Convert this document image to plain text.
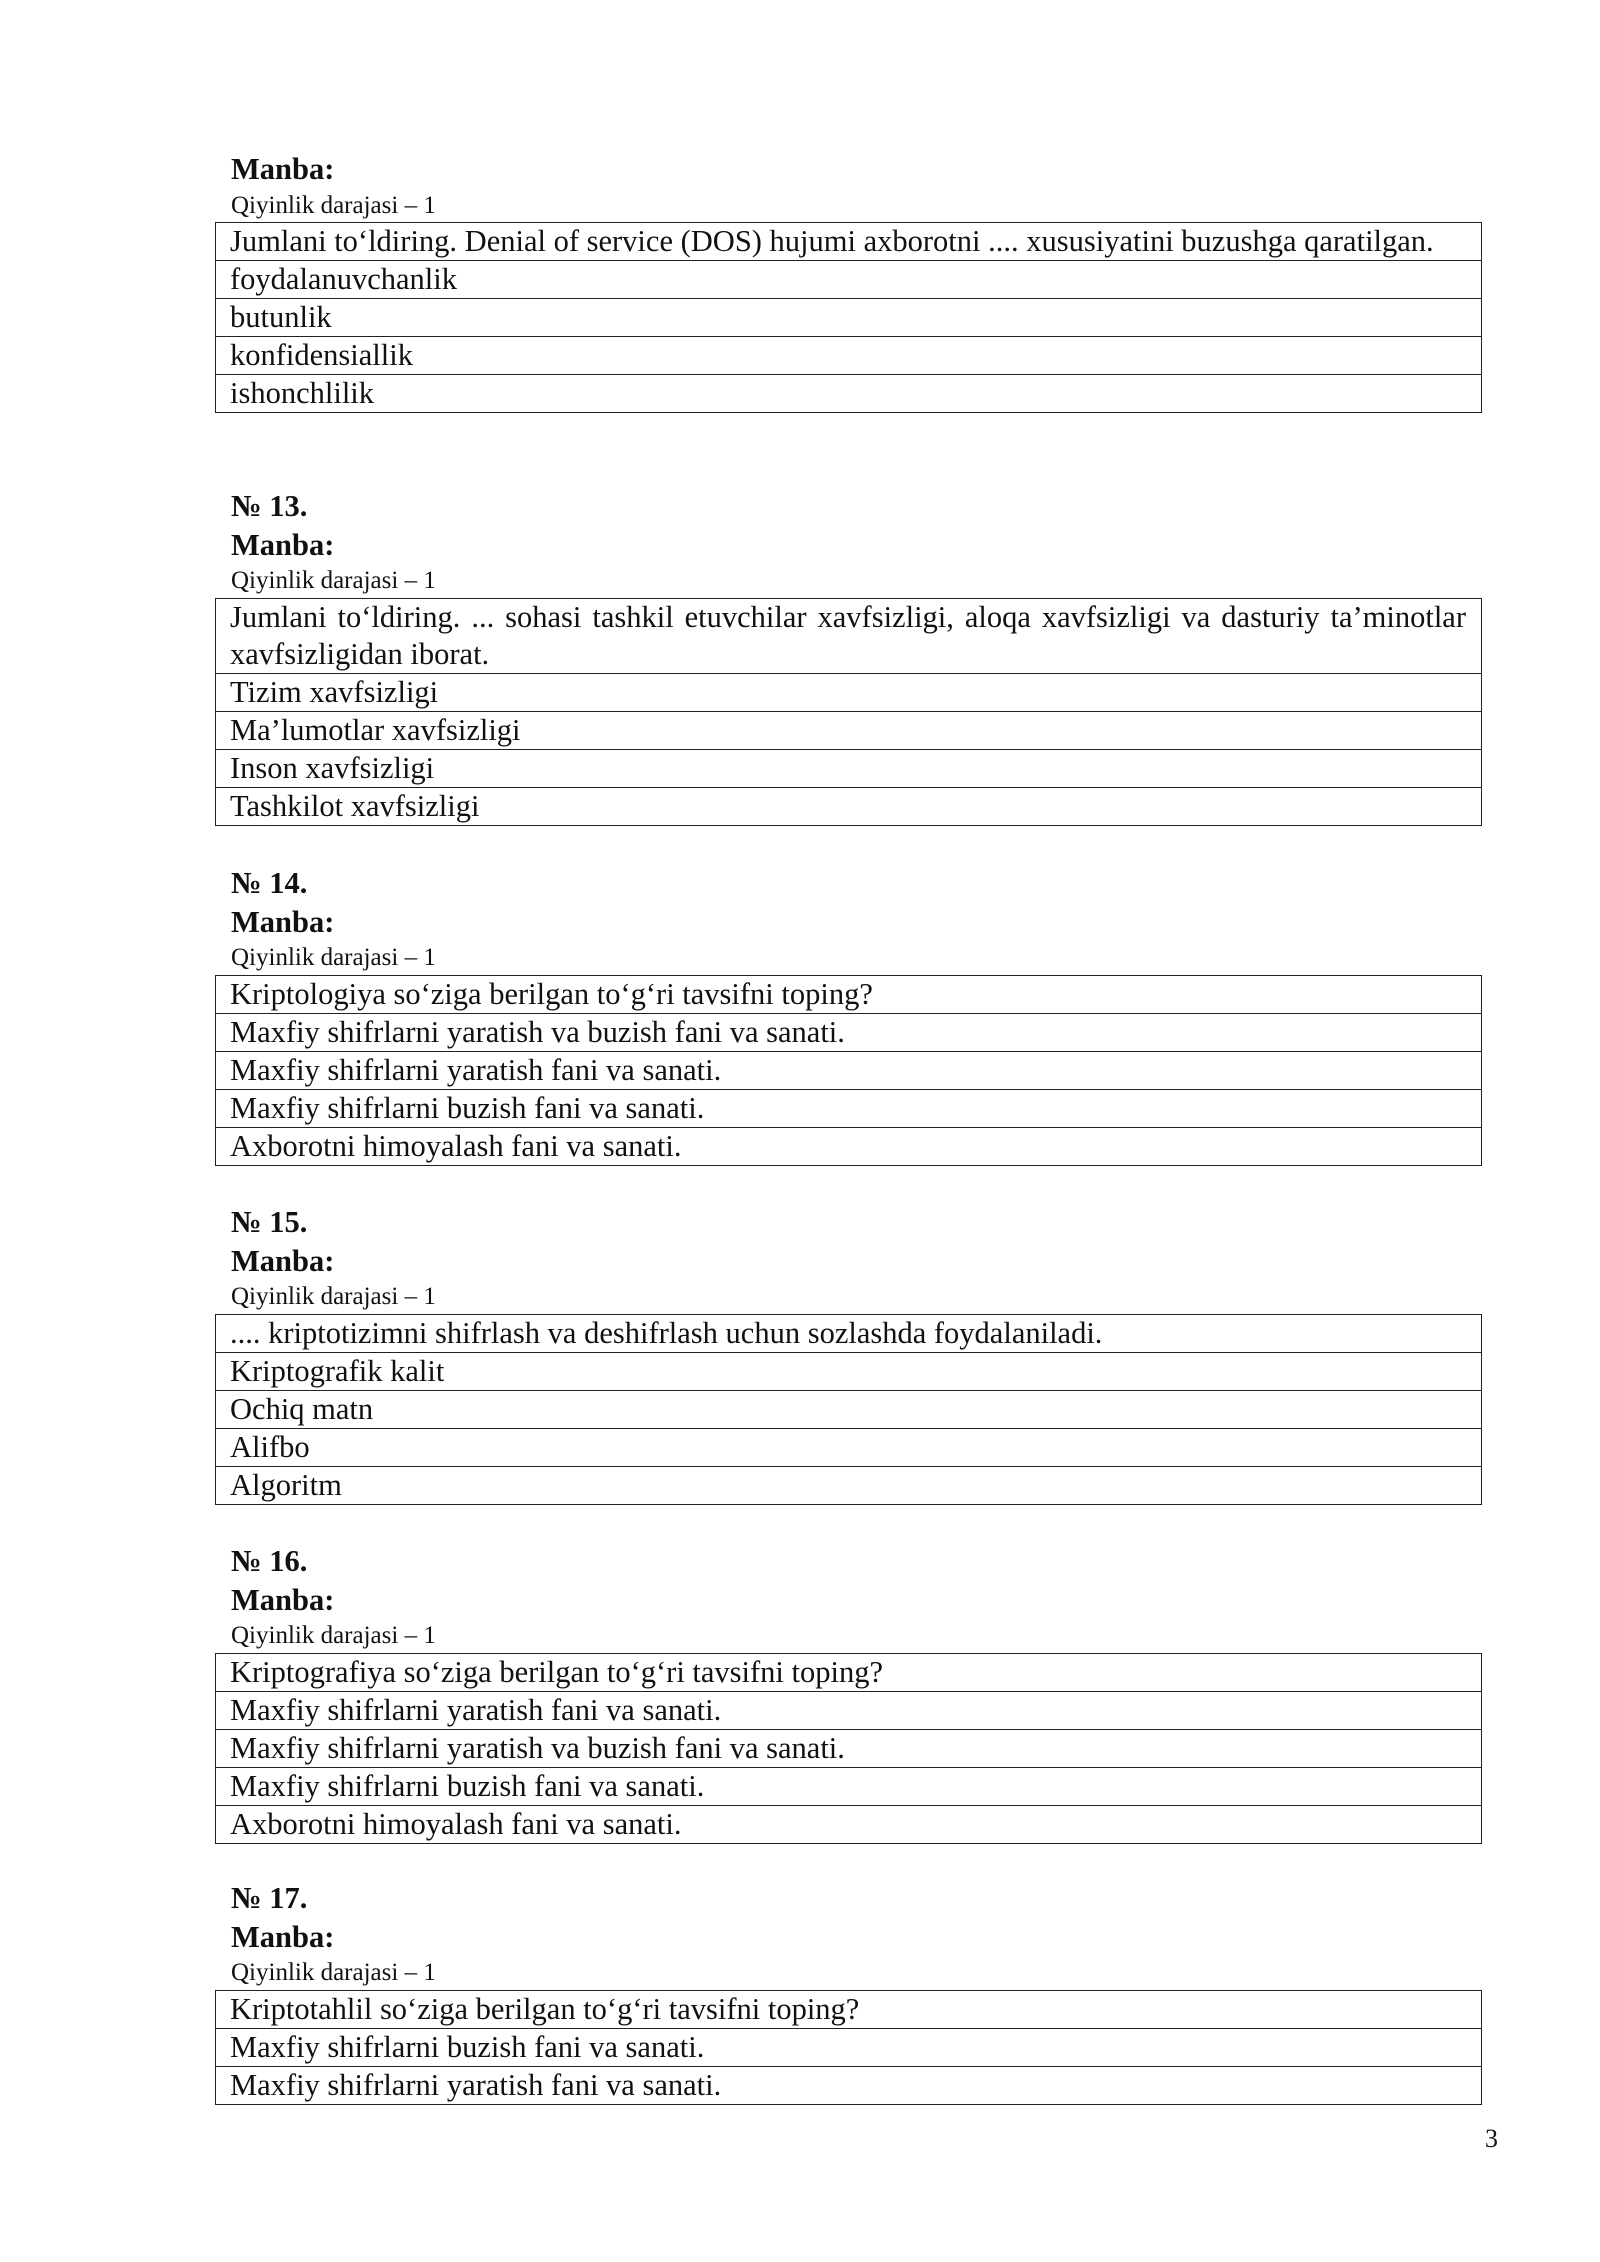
Manba:
Qiyinlik darajasi – 1
Jumlani to‘ldiring. Denial of service (DOS) hujumi axborotni .... xususiyatini buzushga qaratilgan.
foydalanuvchanlik
butunlik
konfidensiallik
ishonchlilik
№ 13.
Manba:
Qiyinlik darajasi – 1
Jumlani to‘ldiring. ... sohasi tashkil etuvchilar xavfsizligi, aloqa xavfsizligi va dasturiy ta’minotlar xavfsizligidan iborat.
Tizim xavfsizligi
Ma’lumotlar xavfsizligi
Inson xavfsizligi
Tashkilot xavfsizligi
№ 14.
Manba:
Qiyinlik darajasi – 1
Kriptologiya so‘ziga berilgan to‘g‘ri tavsifni toping?
Maxfiy shifrlarni yaratish va buzish fani va sanati.
Maxfiy shifrlarni yaratish fani va sanati.
Maxfiy shifrlarni buzish fani va sanati.
Axborotni himoyalash fani va sanati.
№ 15.
Manba:
Qiyinlik darajasi – 1
.... kriptotizimni shifrlash va deshifrlash uchun sozlashda foydalaniladi.
Kriptografik kalit
Ochiq matn
Alifbo
Algoritm
№ 16.
Manba:
Qiyinlik darajasi – 1
Kriptografiya so‘ziga berilgan to‘g‘ri tavsifni toping?
Maxfiy shifrlarni yaratish fani va sanati.
Maxfiy shifrlarni yaratish va buzish fani va sanati.
Maxfiy shifrlarni buzish fani va sanati.
Axborotni himoyalash fani va sanati.
№ 17.
Manba:
Qiyinlik darajasi – 1
Kriptotahlil so‘ziga berilgan to‘g‘ri tavsifni toping?
Maxfiy shifrlarni buzish fani va sanati.
Maxfiy shifrlarni yaratish fani va sanati.
3
